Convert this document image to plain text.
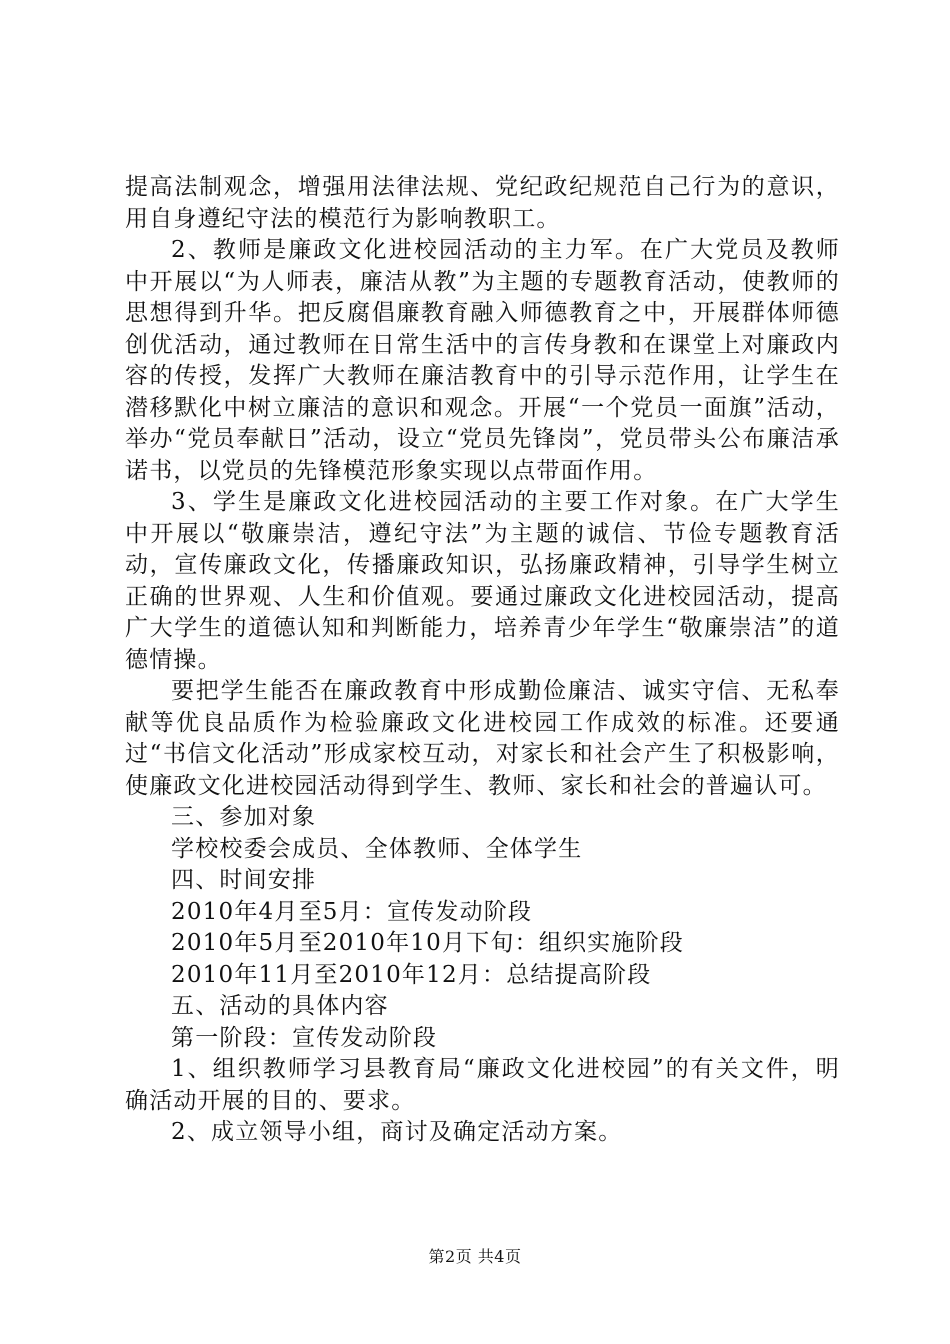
提高法制观念，增强用法律法规、党纪政纪规范自己行为的意识，用自身遵纪守法的模范行为影响教职工。

2、教师是廉政文化进校园活动的主力军。在广大党员及教师中开展以“为人师表，廉洁从教”为主题的专题教育活动，使教师的思想得到升华。把反腐倡廉教育融入师德教育之中，开展群体师德创优活动，通过教师在日常生活中的言传身教和在课堂上对廉政内容的传授，发挥广大教师在廉洁教育中的引导示范作用，让学生在潜移默化中树立廉洁的意识和观念。开展“一个党员一面旗”活动，举办“党员奉献日”活动，设立“党员先锋岗”，党员带头公布廉洁承诺书，以党员的先锋模范形象实现以点带面作用。

3、学生是廉政文化进校园活动的主要工作对象。在广大学生中开展以“敬廉崇洁，遵纪守法”为主题的诚信、节俭专题教育活动，宣传廉政文化，传播廉政知识，弘扬廉政精神，引导学生树立正确的世界观、人生和价值观。要通过廉政文化进校园活动，提高广大学生的道德认知和判断能力，培养青少年学生“敬廉崇洁”的道德情操。

要把学生能否在廉政教育中形成勤俭廉洁、诚实守信、无私奉献等优良品质作为检验廉政文化进校园工作成效的标准。还要通过“书信文化活动”形成家校互动，对家长和社会产生了积极影响，使廉政文化进校园活动得到学生、教师、家长和社会的普遍认可。

三、参加对象

学校校委会成员、全体教师、全体学生

四、时间安排

2010年4月至5月：宣传发动阶段

2010年5月至2010年10月下旬：组织实施阶段

2010年11月至2010年12月：总结提高阶段

五、活动的具体内容

第一阶段：宣传发动阶段

1、组织教师学习县教育局“廉政文化进校园”的有关文件，明确活动开展的目的、要求。

2、成立领导小组，商讨及确定活动方案。

第2页 共4页
